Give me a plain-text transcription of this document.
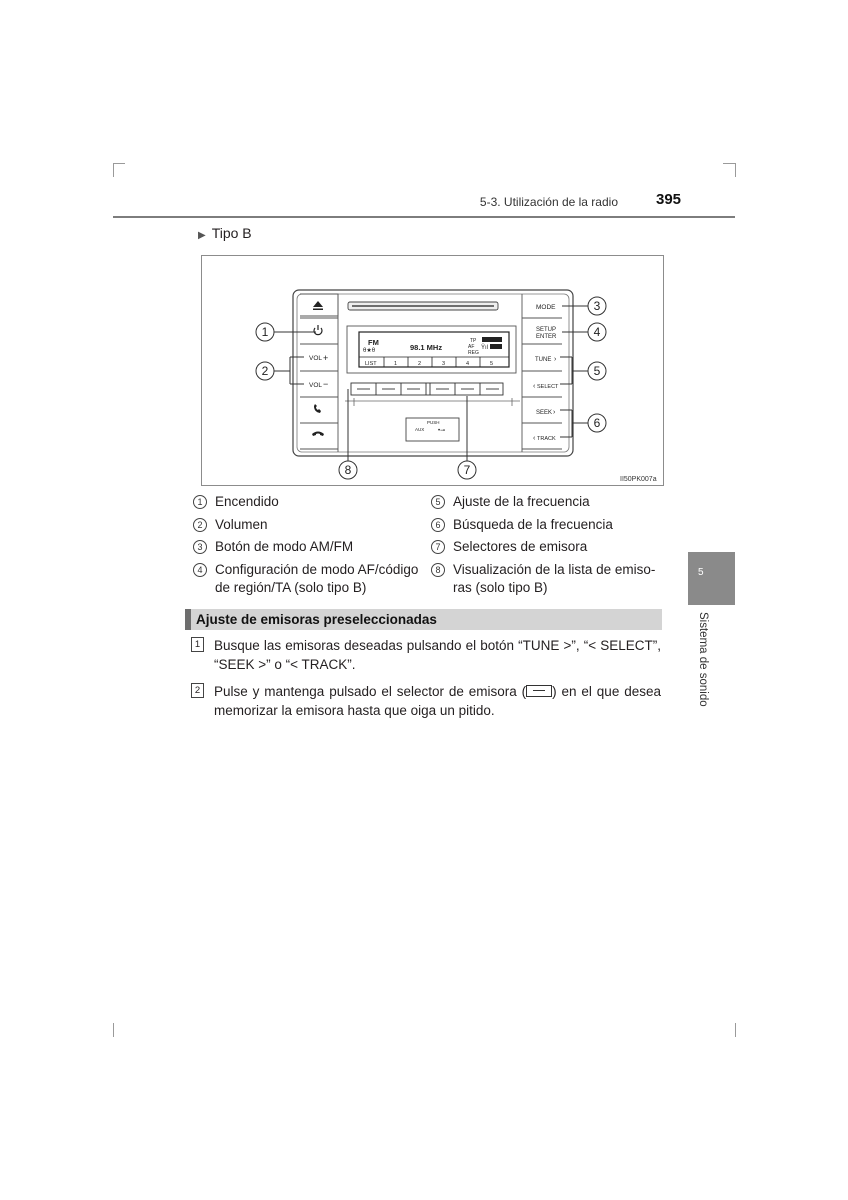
5-3. Utilización de la radio	395
5
Sistema de sonido
▶ Tipo B
VOL +
VOL −
FM
θ★θ	98.1 MHz
TP
AF
REG
Ÿıl
LIST	1	2	3	4	5
PUSH
AUX •⊸
MODE
SETUP
ENTER
TUNE ›
‹ SELECT
SEEK ›
‹ TRACK
1
2
3
4
5
6
7
8
II50PK007a
1 Encendido
2 Volumen
3 Botón de modo AM/FM
4 Configuración de modo AF/código
de región/TA (solo tipo B)
5 Ajuste de la frecuencia
6 Búsqueda de la frecuencia
7 Selectores de emisora
8 Visualización de la lista de emiso-
ras (solo tipo B)
Ajuste de emisoras preseleccionadas
1 Busque las emisoras deseadas pulsando el botón “TUNE >”, “< SELECT”,
“SEEK >” o “< TRACK”.
2 Pulse y mantenga pulsado el selector de emisora ( ) en el que desea
memorizar la emisora hasta que oiga un pitido.
